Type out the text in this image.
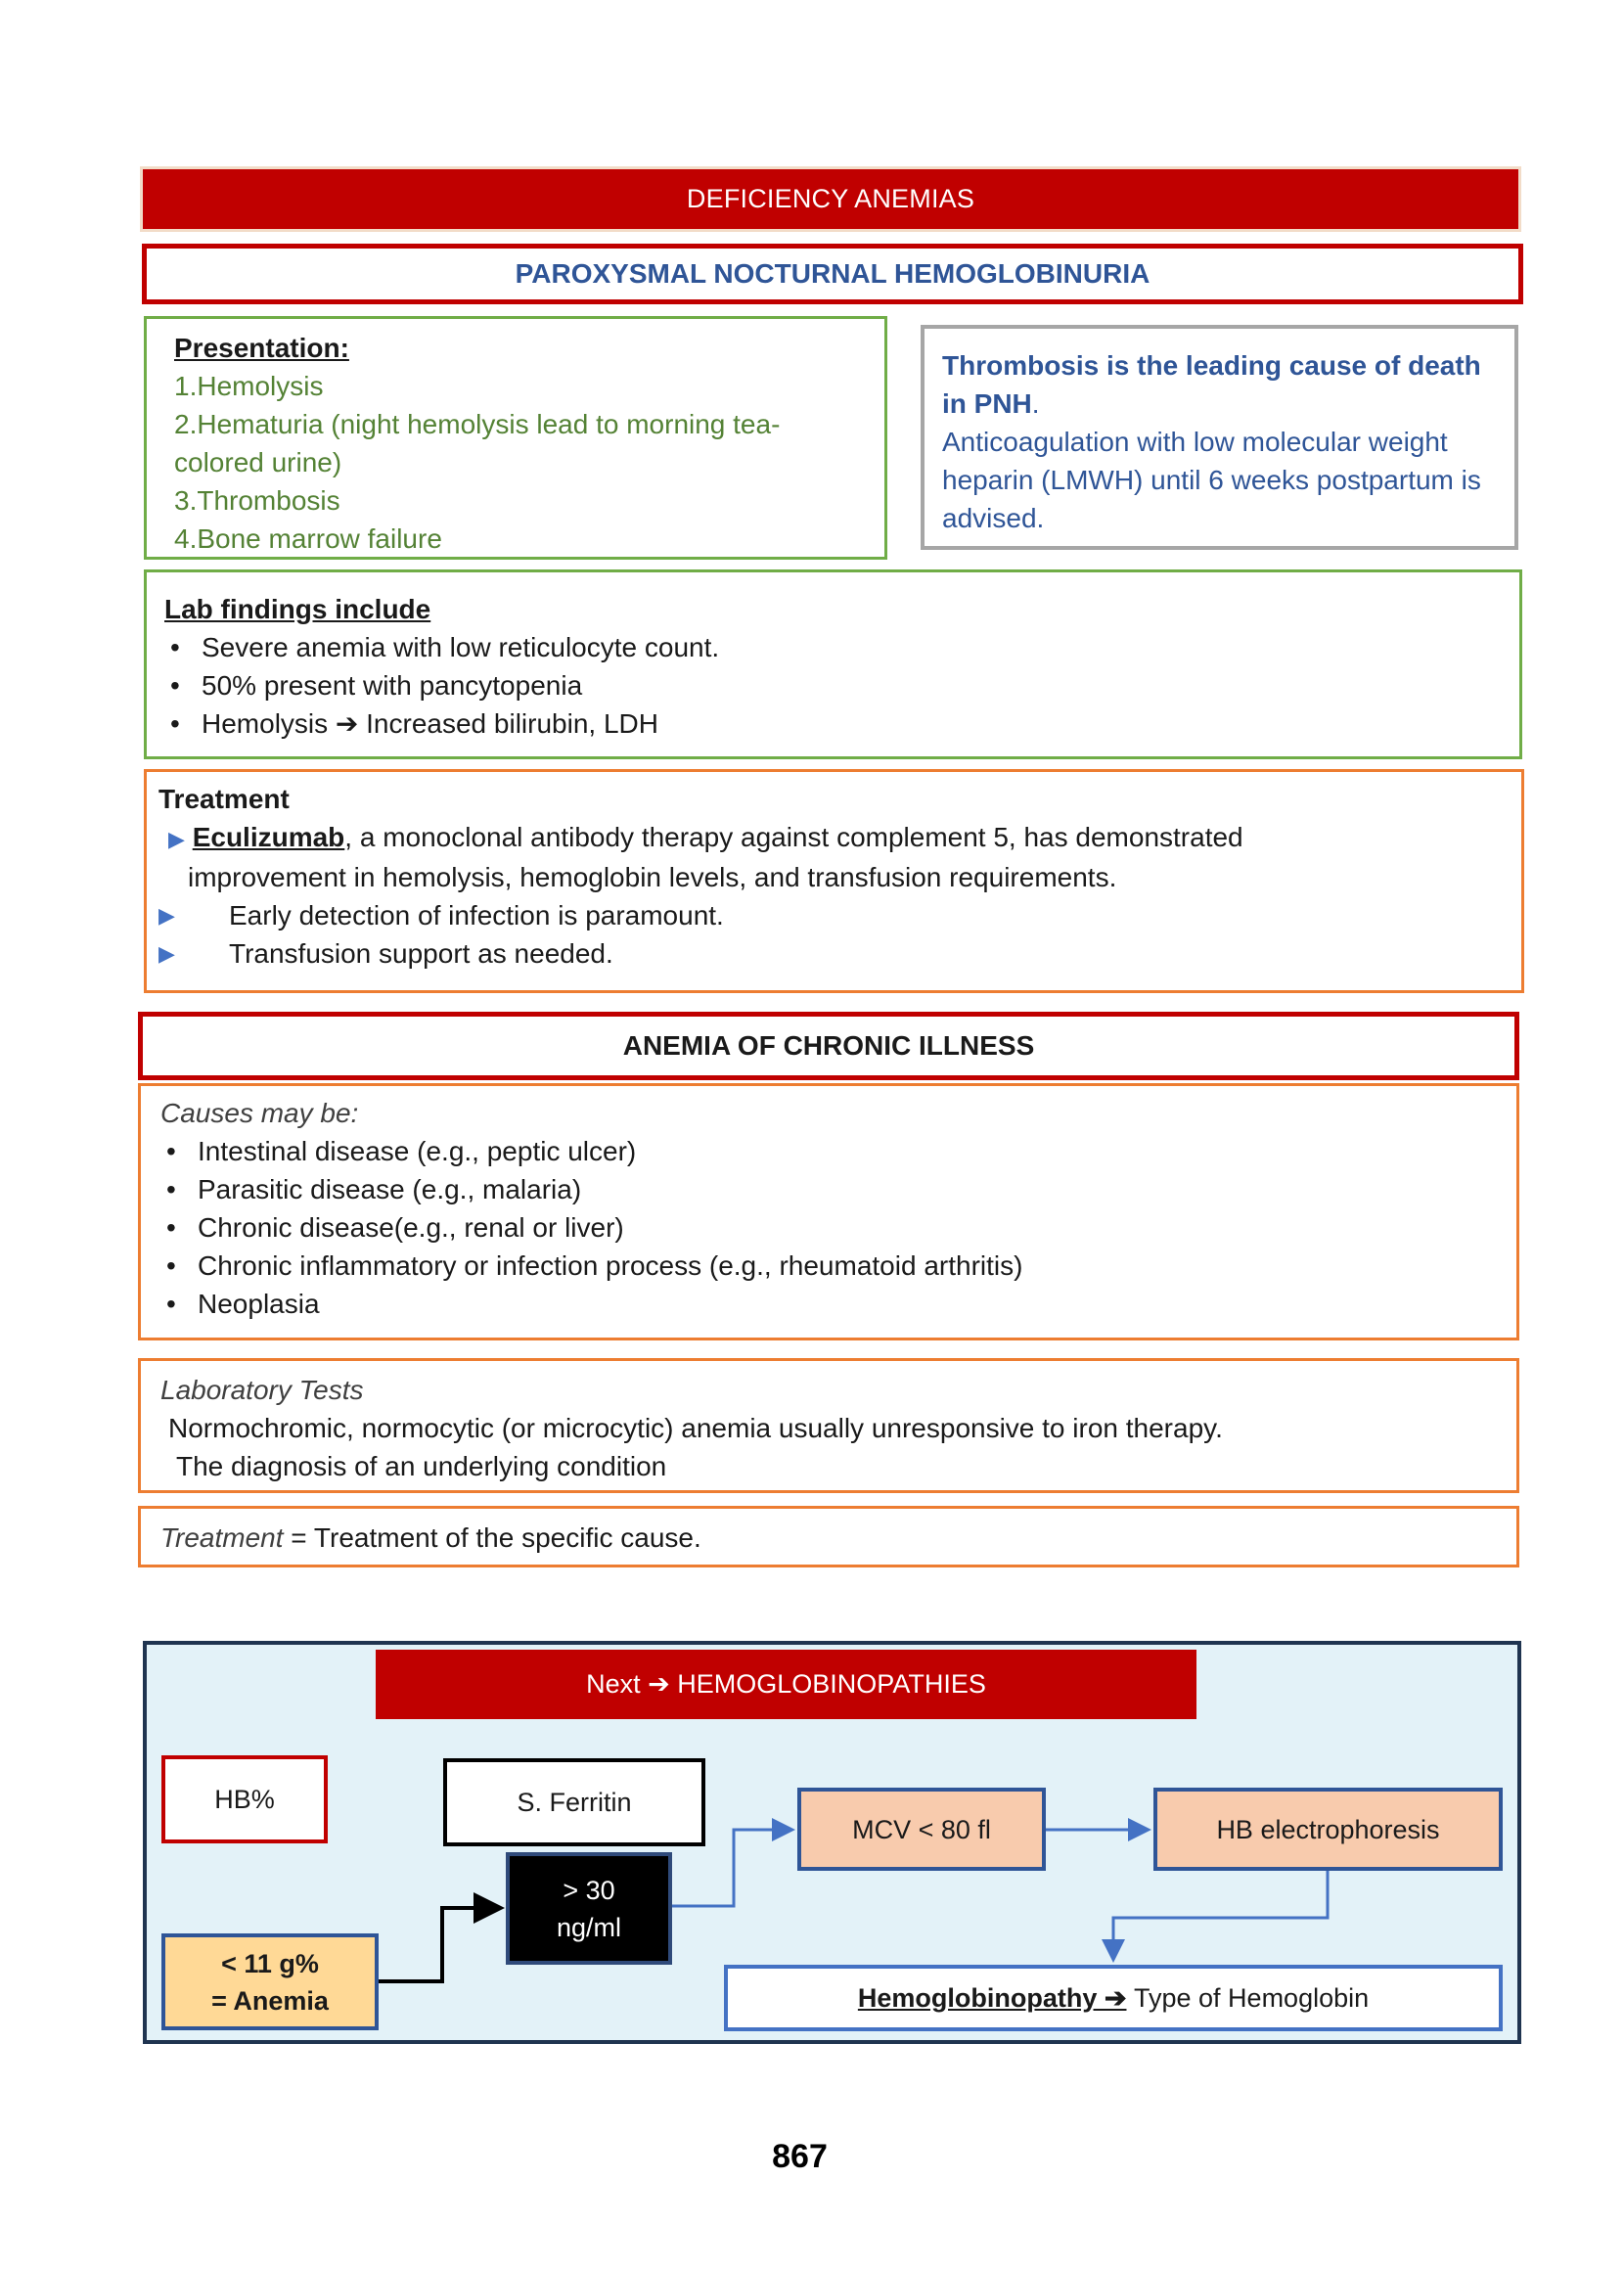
DEFICIENCY ANEMIAS
PAROXYSMAL NOCTURNAL HEMOGLOBINURIA
Presentation:
1.Hemolysis
2.Hematuria (night hemolysis lead to morning tea-
colored urine)
3.Thrombosis
4.Bone marrow failure
Thrombosis is the leading cause of death in PNH.
Anticoagulation with low molecular weight heparin (LMWH) until 6 weeks postpartum is advised.
Lab findings include
• Severe anemia with low reticulocyte count.
• 50% present with pancytopenia
• Hemolysis ➔ Increased bilirubin, LDH
Treatment
▶ Eculizumab, a monoclonal antibody therapy against complement 5, has demonstrated
improvement in hemolysis, hemoglobin levels, and transfusion requirements.
▶	Early detection of infection is paramount.
▶	Transfusion support as needed.
ANEMIA OF CHRONIC ILLNESS
Causes may be:
• Intestinal disease (e.g., peptic ulcer)
• Parasitic disease (e.g., malaria)
• Chronic disease(e.g., renal or liver)
• Chronic inflammatory or infection process (e.g., rheumatoid arthritis)
• Neoplasia
Laboratory Tests
Normochromic, normocytic (or microcytic) anemia usually unresponsive to iron therapy.
The diagnosis of an underlying condition
Treatment = Treatment of the specific cause.
Next ➔ HEMOGLOBINOPATHIES
HB%	S. Ferritin
> 30
ng/ml
MCV < 80 fl	HB electrophoresis
< 11 g%
= Anemia	Hemoglobinopathy ➔
Type of Hemoglobin
867
